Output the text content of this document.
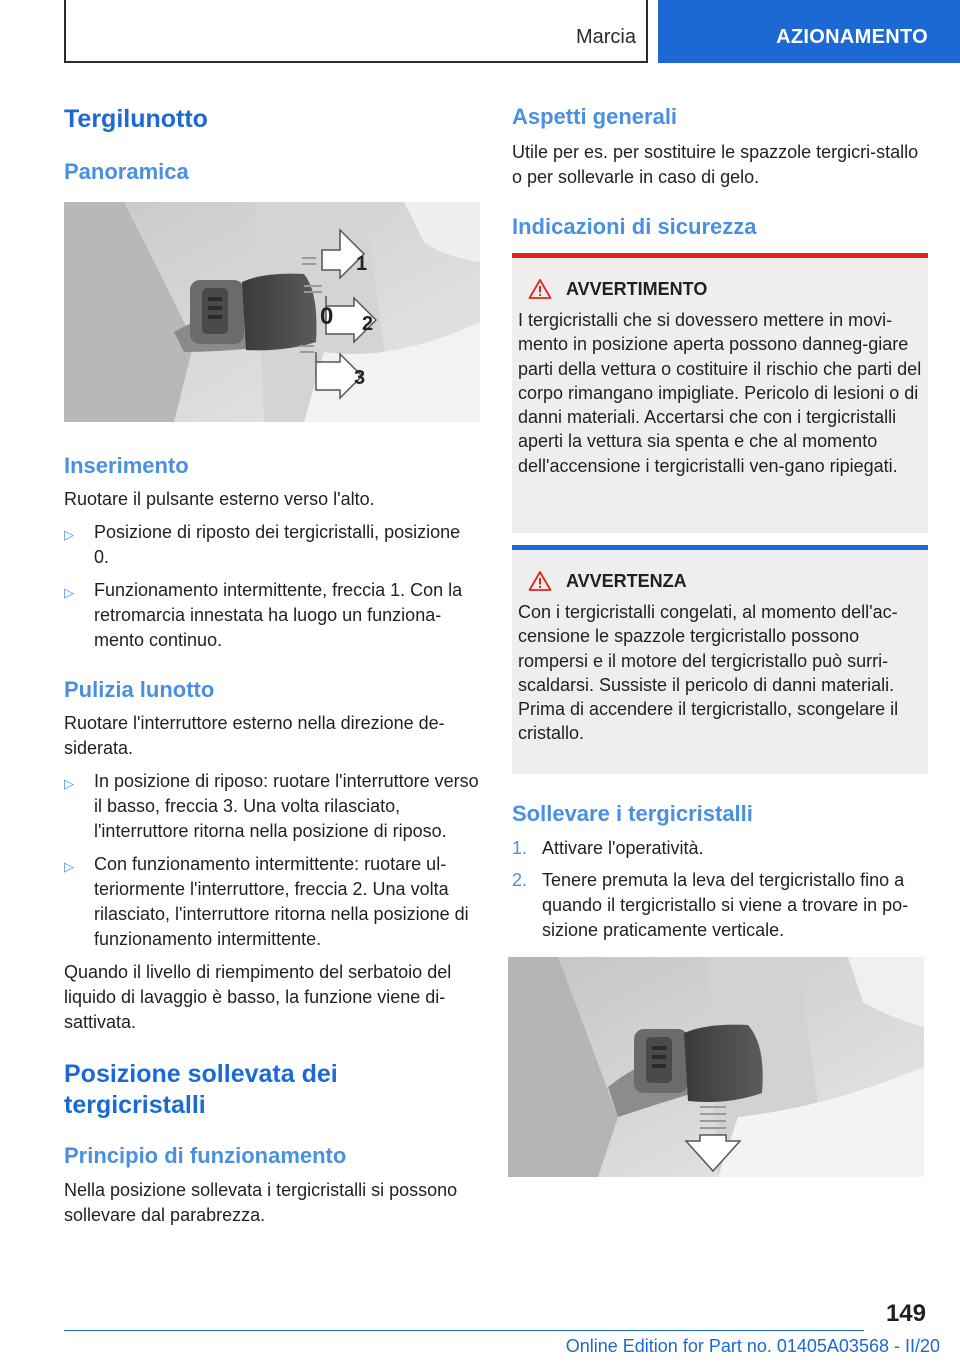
Marcia	AZIONAMENTO
Tergilunotto
Panoramica
1
0 2
3
Inserimento
Ruotare il pulsante esterno verso l'alto.
▷	Posizione di riposto dei tergicristalli, posizione 0.
▷	Funzionamento intermittente, freccia 1. Con la retromarcia innestata ha luogo un funziona-mento continuo.
Pulizia lunotto
Ruotare l'interruttore esterno nella direzione de-siderata.
▷	In posizione di riposo: ruotare l'interruttore verso il basso, freccia 3. Una volta rilasciato, l'interruttore ritorna nella posizione di riposo.
▷	Con funzionamento intermittente: ruotare ul-teriormente l'interruttore, freccia 2. Una volta rilasciato, l'interruttore ritorna nella posizione di funzionamento intermittente.
Quando il livello di riempimento del serbatoio del liquido di lavaggio è basso, la funzione viene di-sattivata.
Posizione sollevata dei tergicristalli
Principio di funzionamento
Nella posizione sollevata i tergicristalli si possono sollevare dal parabrezza.
Aspetti generali
Utile per es. per sostituire le spazzole tergicri-stallo o per sollevarle in caso di gelo.
Indicazioni di sicurezza
AVVERTIMENTO
I tergicristalli che si dovessero mettere in movi-mento in posizione aperta possono danneg-giare parti della vettura o costituire il rischio che parti del corpo rimangano impigliate. Pericolo di lesioni o di danni materiali. Accertarsi che con i tergicristalli aperti la vettura sia spenta e che al momento dell'accensione i tergicristalli ven-gano ripiegati.
AVVERTENZA
Con i tergicristalli congelati, al momento dell'ac-censione le spazzole tergicristallo possono rompersi e il motore del tergicristallo può surri-scaldarsi. Sussiste il pericolo di danni materiali. Prima di accendere il tergicristallo, scongelare il cristallo.
Sollevare i tergicristalli
1. Attivare l'operatività.
2. Tenere premuta la leva del tergicristallo fino a quando il tergicristallo si viene a trovare in po-sizione praticamente verticale.
149
Online Edition for Part no. 01405A03568 - II/20
